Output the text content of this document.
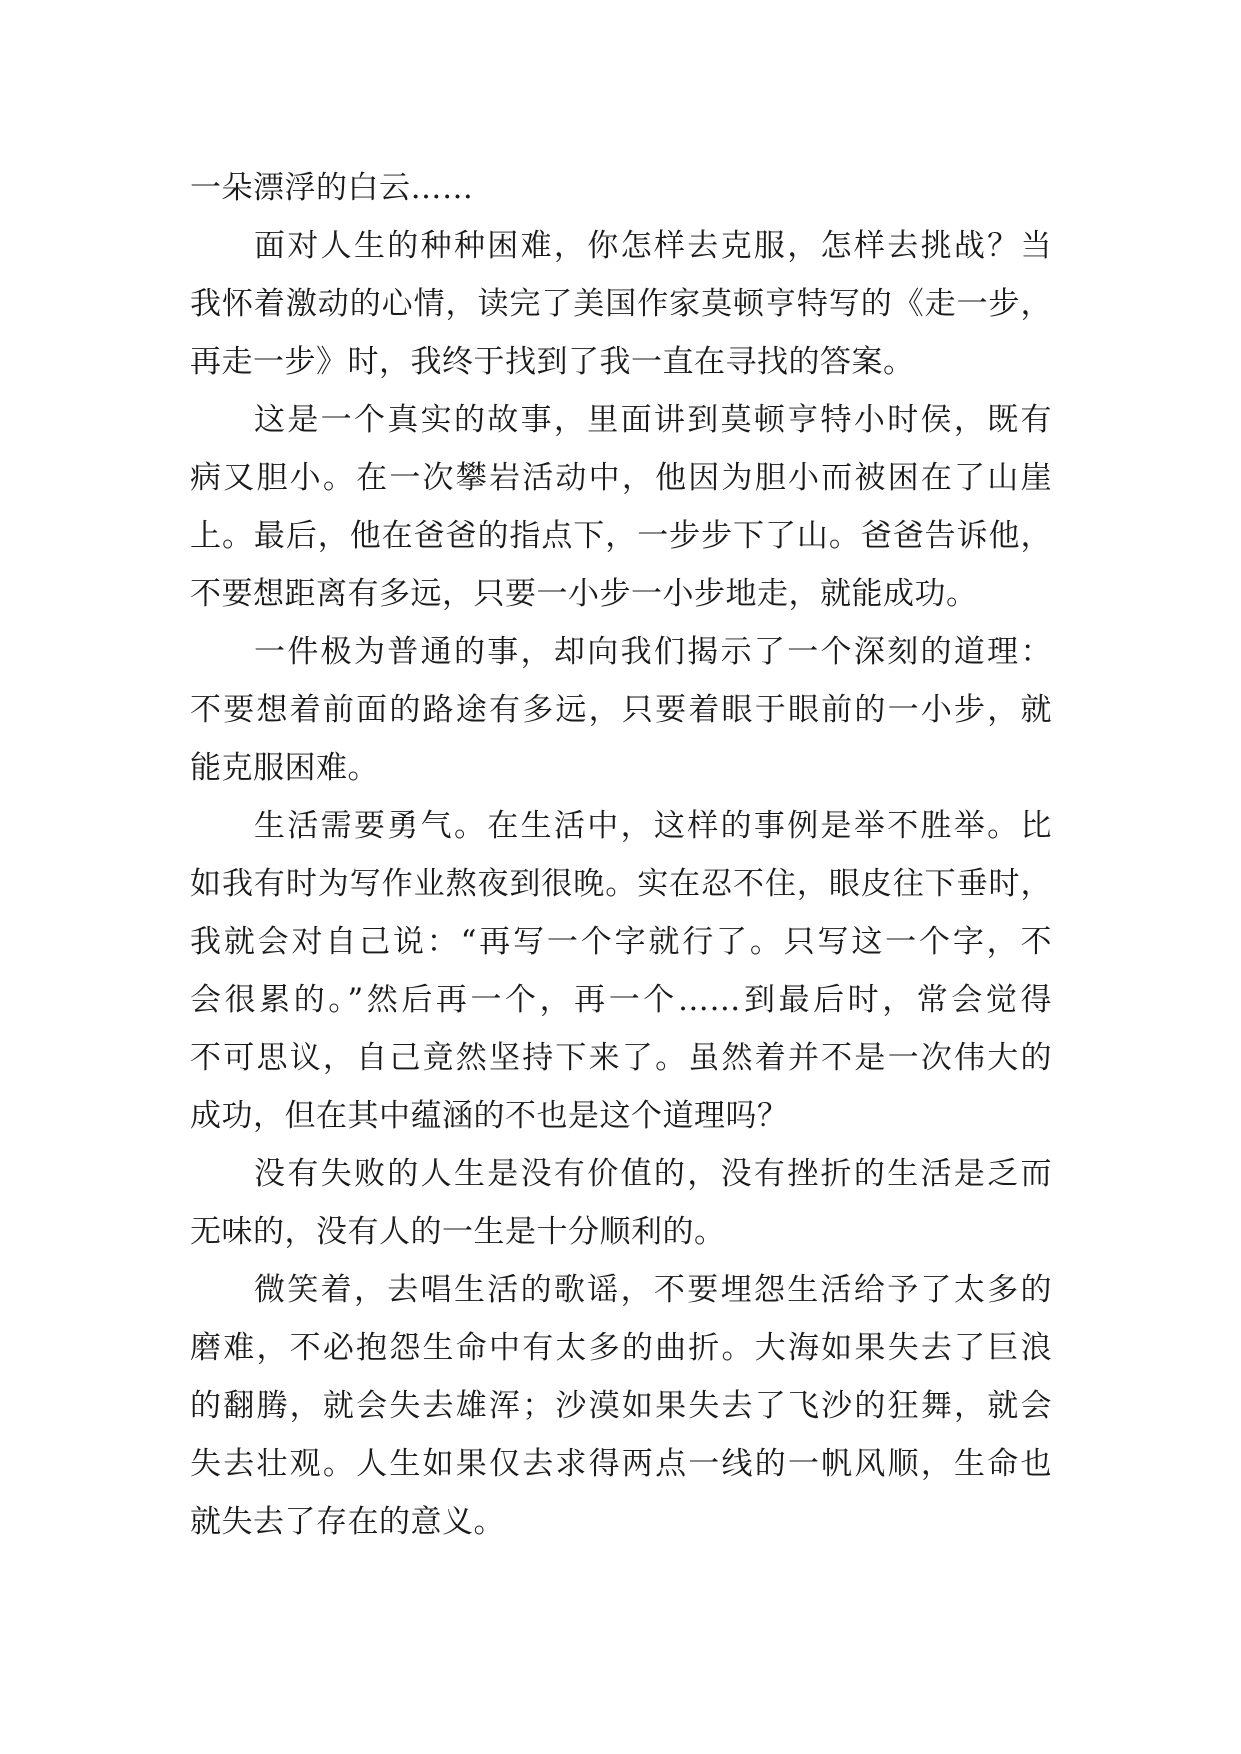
一朵漂浮的白云……
面对人生的种种困难，你怎样去克服，怎样去挑战？当
我怀着激动的心情，读完了美国作家莫顿亨特写的《走一步，
再走一步》时，我终于找到了我一直在寻找的答案。
这是一个真实的故事，里面讲到莫顿亨特小时侯，既有
病又胆小。在一次攀岩活动中，他因为胆小而被困在了山崖
上。最后，他在爸爸的指点下，一步步下了山。爸爸告诉他，
不要想距离有多远，只要一小步一小步地走，就能成功。
一件极为普通的事，却向我们揭示了一个深刻的道理：
不要想着前面的路途有多远，只要着眼于眼前的一小步，就
能克服困难。
生活需要勇气。在生活中，这样的事例是举不胜举。比
如我有时为写作业熬夜到很晚。实在忍不住，眼皮往下垂时，
我就会对自己说：“再写一个字就行了。只写这一个字，不
会很累的。”然后再一个，再一个……到最后时，常会觉得
不可思议，自己竟然坚持下来了。虽然着并不是一次伟大的
成功，但在其中蕴涵的不也是这个道理吗？
没有失败的人生是没有价值的，没有挫折的生活是乏而
无味的，没有人的一生是十分顺利的。
微笑着，去唱生活的歌谣，不要埋怨生活给予了太多的
磨难，不必抱怨生命中有太多的曲折。大海如果失去了巨浪
的翻腾，就会失去雄浑；沙漠如果失去了飞沙的狂舞，就会
失去壮观。人生如果仅去求得两点一线的一帆风顺，生命也
就失去了存在的意义。
